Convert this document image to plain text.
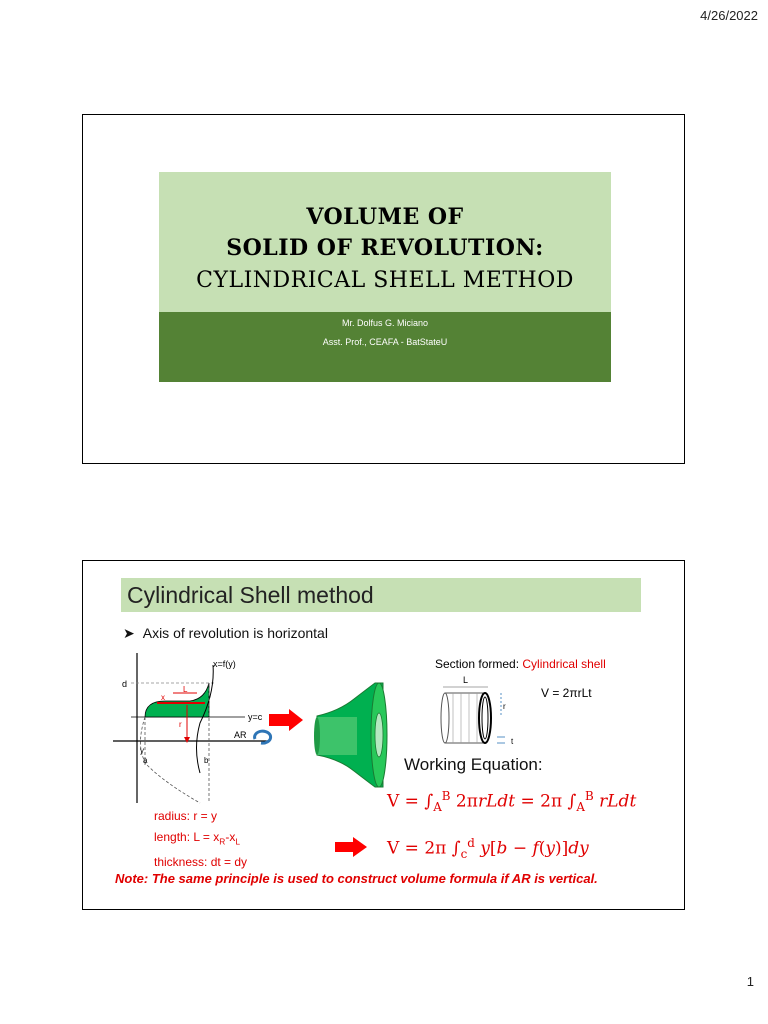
4/26/2022
VOLUME OF
SOLID OF REVOLUTION:
CYLINDRICAL SHELL METHOD
Mr. Dolfus G. Miciano
Asst. Prof., CEAFA - BatStateU
Cylindrical Shell method
➤ Axis of revolution is horizontal
x=f(y)
d
y=c
AR
x
L
r
y
a	b
Section formed: Cylindrical shell
L
r
t
V = 2πrLt
Working Equation:
$V = \int_A^B$ 2πrLdt = 2π $\int_A^B$ rLdt
V = 2π $\int_c^d$ y[b − f(y)]dy
radius: r = y
length: $L = x_R-x_L$
thickness: dt = dy
Note: The same principle is used to construct volume formula if AR is vertical.
1
